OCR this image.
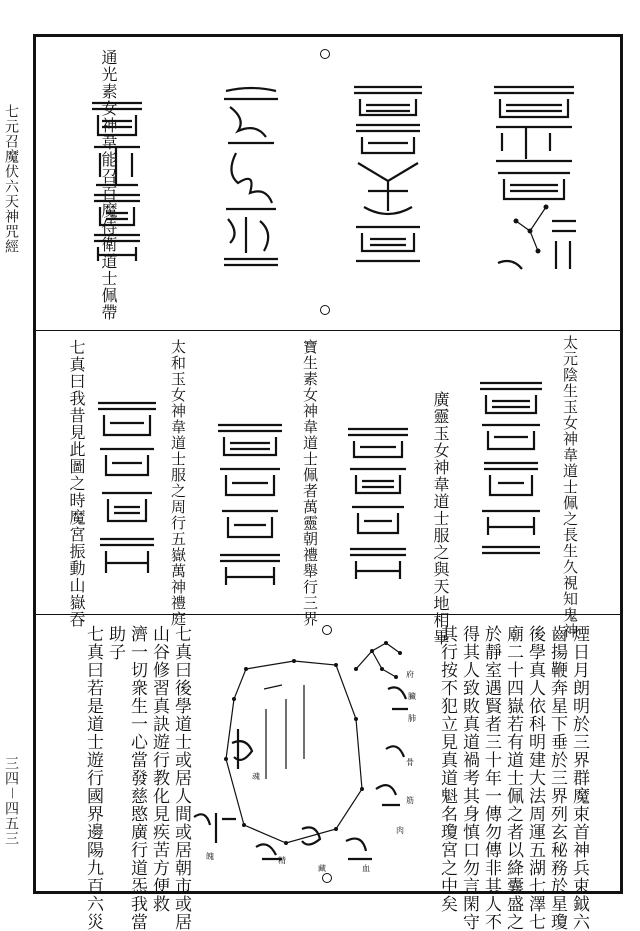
七元召魔伏六天神咒經
三四－四五三
通光素女神韋能召百魔侍衛道士佩帶
太元陰生玉女神韋道士佩之長生久視知鬼神
廣靈玉女神韋道士服之與天地相畢
寶生素女神韋道士佩者萬靈朝禮舉行三界
太和玉女神韋道士服之周行五嶽萬神禮庭
七真曰我昔見此圖之時魔宮振動山嶽吞
煙日月朗明於三界群魔束首神兵束鉞六
齒揚鞭奔星下垂於三界列玄秘務於星瓊
後學真人依科明建大法周運五湖七澤七
廟二十四嶽若有道士佩之者以絳囊盛之
於靜室遇賢者三十年一傳勿傳非其人不
得其人致敗真道禍考其身慎口勿言閑守
其行按不犯立見真道魁名瓊宮之中矣
魂
魄	精
藏	血
肉
筋
骨
肺
臟
府
七真曰後學道士或居人間或居朝市或居
山谷修習真訣遊行教化見疾苦方便救
濟一切衆生一心當發慈愍廣行道炁我當
助子
七真曰若是道士遊行國界邊陽九百六災
